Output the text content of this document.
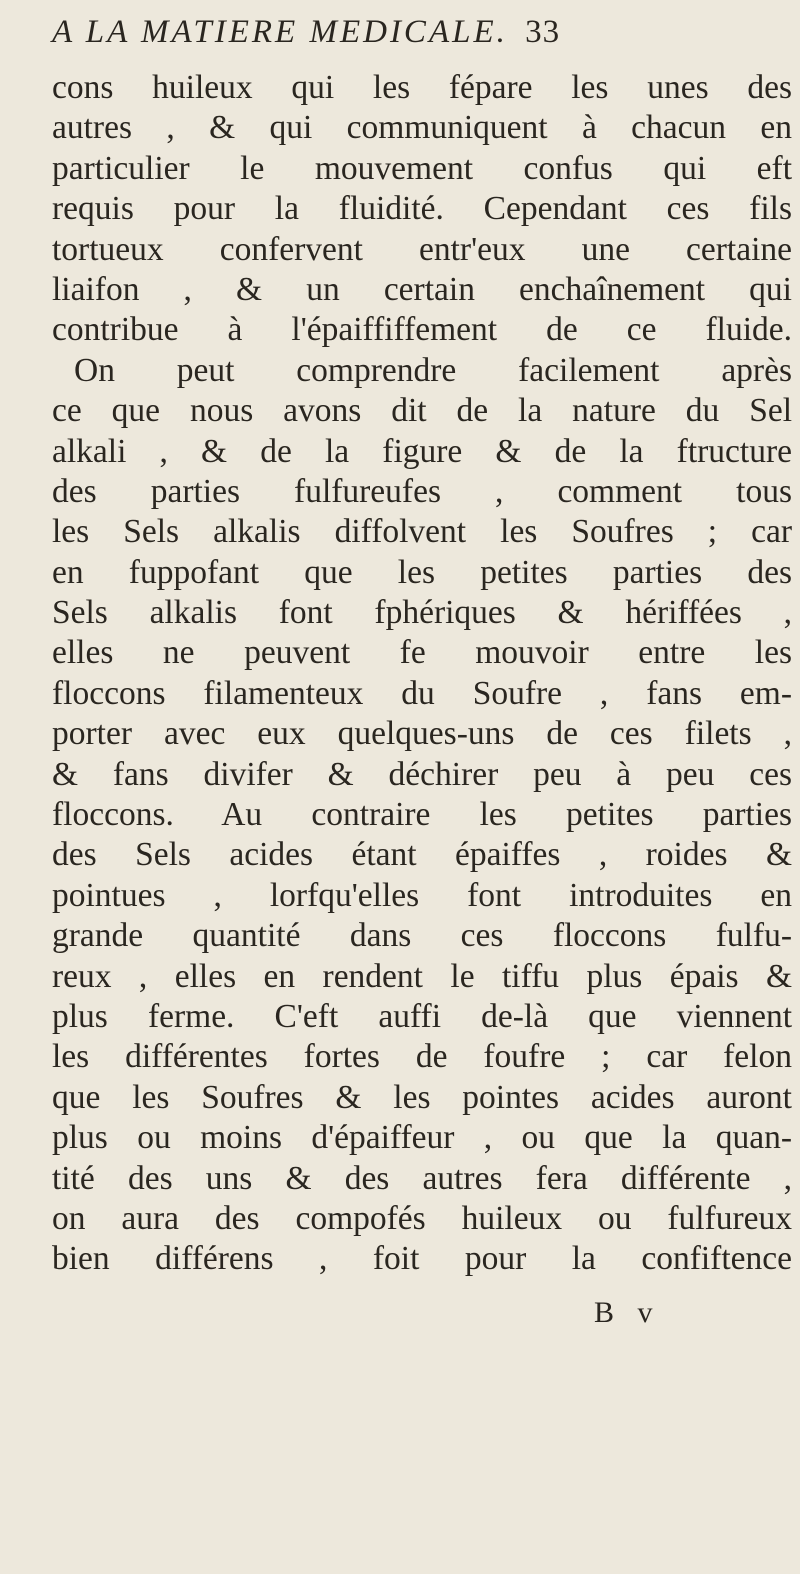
A LA MATIERE MEDICALE. 33
cons huileux qui les fépare les unes des
autres , & qui communiquent à chacun en
particulier le mouvement confus qui eft
requis pour la fluidité. Cependant ces fils
tortueux confervent entr'eux une certaine
liaifon , & un certain enchaînement qui
contribue à l'épaiffiffement de ce fluide.
On peut comprendre facilement après
ce que nous avons dit de la nature du Sel
alkali , & de la figure & de la ftructure
des parties fulfureufes , comment tous
les Sels alkalis diffolvent les Soufres ; car
en fuppofant que les petites parties des
Sels alkalis font fphériques & hériffées ,
elles ne peuvent fe mouvoir entre les
floccons filamenteux du Soufre , fans em-
porter avec eux quelques-uns de ces filets ,
& fans divifer & déchirer peu à peu ces
floccons. Au contraire les petites parties
des Sels acides étant épaiffes , roides &
pointues , lorfqu'elles font introduites en
grande quantité dans ces floccons fulfu-
reux , elles en rendent le tiffu plus épais &
plus ferme. C'eft auffi de-là que viennent
les différentes fortes de foufre ; car felon
que les Soufres & les pointes acides auront
plus ou moins d'épaiffeur , ou que la quan-
tité des uns & des autres fera différente ,
on aura des compofés huileux ou fulfureux
bien différens , foit pour la confiftence
B v
